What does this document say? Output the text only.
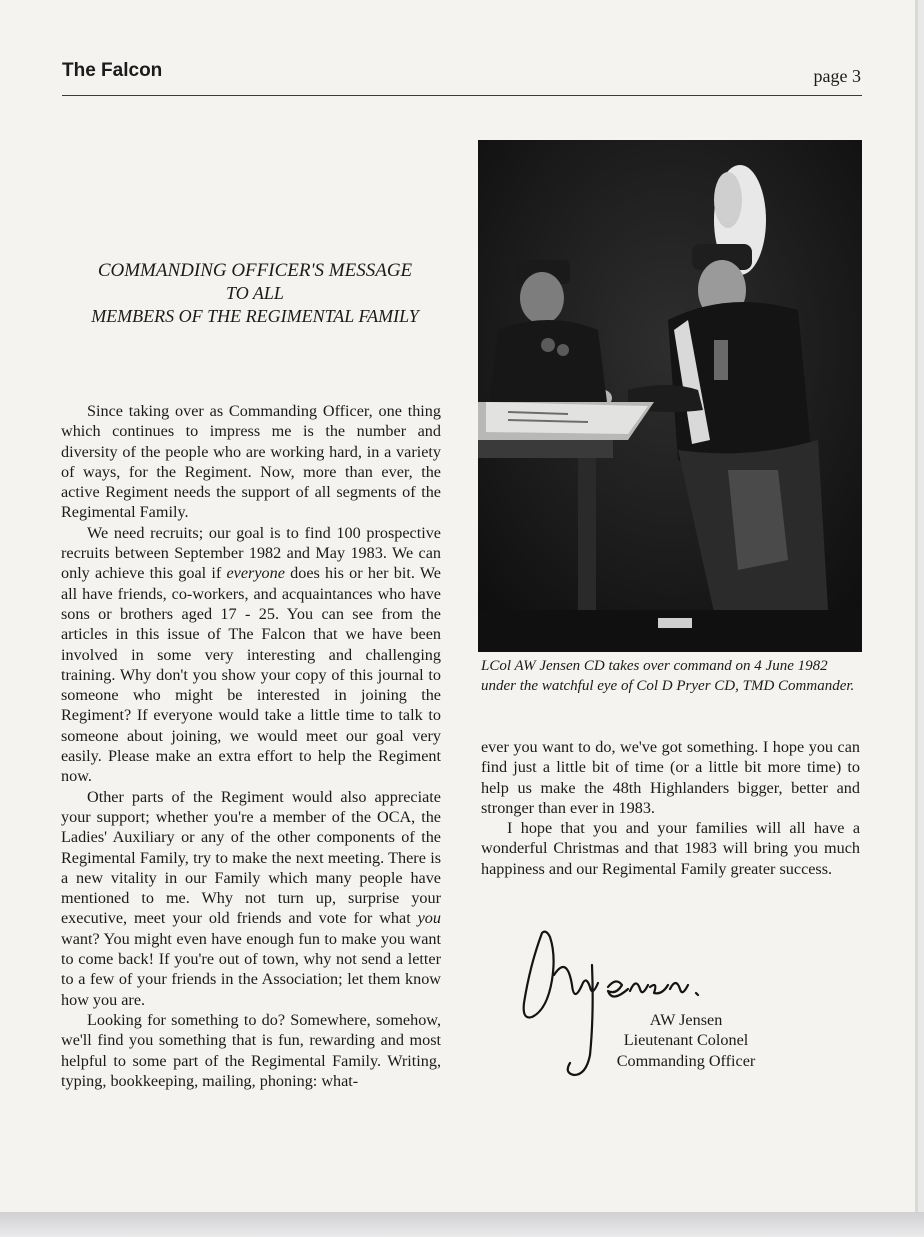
The Falcon	page 3
COMMANDING OFFICER'S MESSAGE
TO ALL
MEMBERS OF THE REGIMENTAL FAMILY

Since taking over as Commanding Officer, one thing which continues to impress me is the number and diversity of the people who are working hard, in a variety of ways, for the Regiment. Now, more than ever, the active Regiment needs the support of all segments of the Regimental Family.

We need recruits; our goal is to find 100 prospective recruits between September 1982 and May 1983. We can only achieve this goal if everyone does his or her bit. We all have friends, co-workers, and acquaintances who have sons or brothers aged 17 - 25. You can see from the articles in this issue of The Falcon that we have been involved in some very interesting and challenging training. Why don't you show your copy of this journal to someone who might be interested in joining the Regiment? If everyone would take a little time to talk to someone about joining, we would meet our goal very easily. Please make an extra effort to help the Regiment now.

Other parts of the Regiment would also appreciate your support; whether you're a member of the OCA, the Ladies' Auxiliary or any of the other components of the Regimental Family, try to make the next meeting. There is a new vitality in our Family which many people have mentioned to me. Why not turn up, surprise your executive, meet your old friends and vote for what you want? You might even have enough fun to make you want to come back! If you're out of town, why not send a letter to a few of your friends in the Association; let them know how you are.

Looking for something to do? Somewhere, somehow, we'll find you something that is fun, rewarding and most helpful to some part of the Regimental Family. Writing, typing, bookkeeping, mailing, phoning: what-

LCol AW Jensen CD takes over command on 4 June 1982
under the watchful eye of Col D Pryer CD, TMD Commander.

ever you want to do, we've got something. I hope you can find just a little bit of time (or a little bit more time) to help us make the 48th Highlanders bigger, better and stronger than ever in 1983.

I hope that you and your families will all have a wonderful Christmas and that 1983 will bring you much happiness and our Regimental Family greater success.

AW Jensen
Lieutenant Colonel
Commanding Officer
